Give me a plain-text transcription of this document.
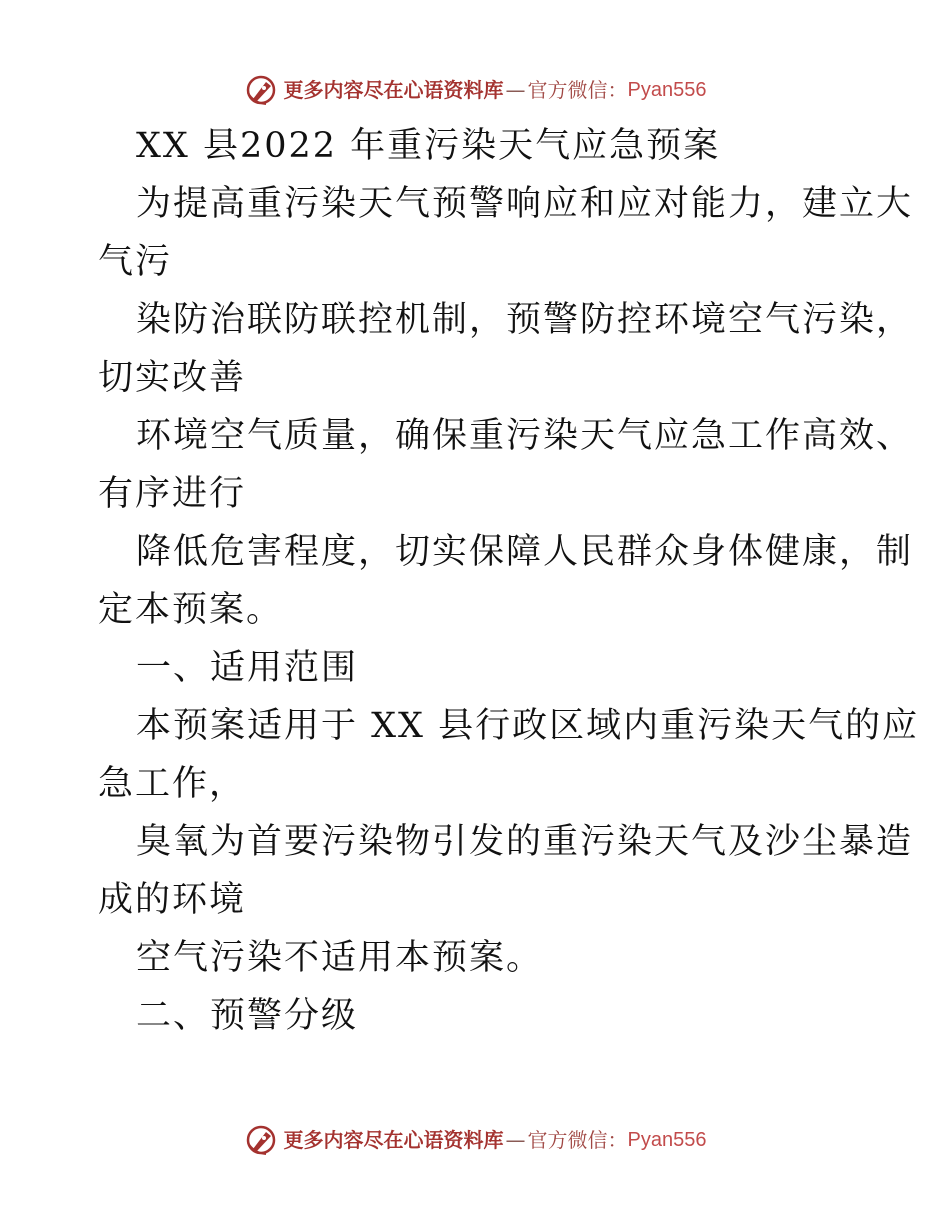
更多内容尽在心语资料库 — 官方微信： Pyan556
XX 县2022 年重污染天气应急预案
为提高重污染天气预警响应和应对能力，建立大
气污
染防治联防联控机制，预警防控环境空气污染，
切实改善
环境空气质量，确保重污染天气应急工作高效、
有序进行
降低危害程度，切实保障人民群众身体健康，制
定本预案。
一、适用范围
本预案适用于 XX 县行政区域内重污染天气的应
急工作，
臭氧为首要污染物引发的重污染天气及沙尘暴造
成的环境
空气污染不适用本预案。
二、预警分级
更多内容尽在心语资料库 — 官方微信： Pyan556
